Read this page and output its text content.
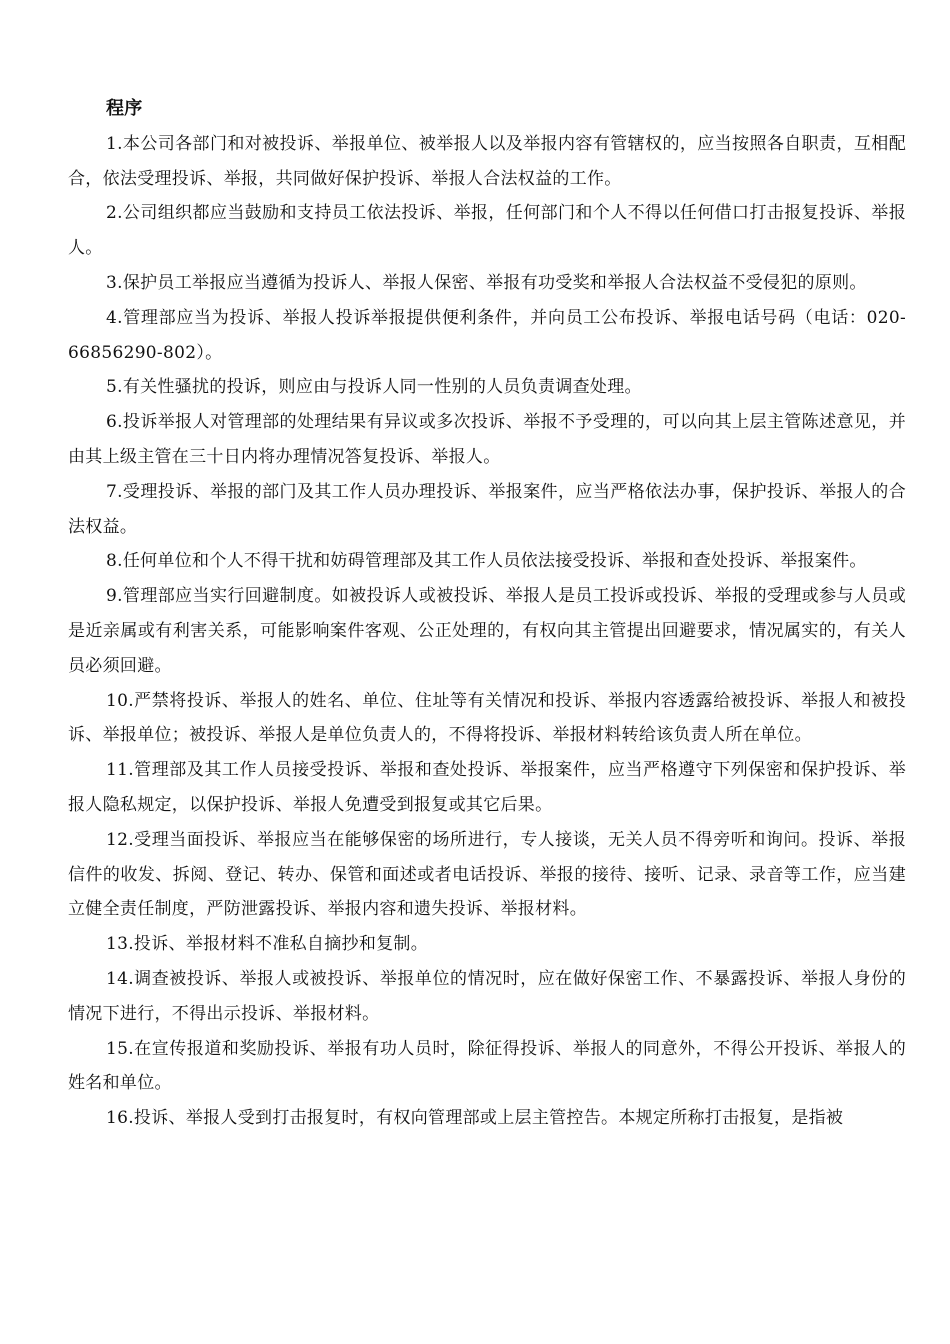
程序

1.本公司各部门和对被投诉、举报单位、被举报人以及举报内容有管辖权的，应当按照各自职责，互相配合，依法受理投诉、举报，共同做好保护投诉、举报人合法权益的工作。

2.公司组织都应当鼓励和支持员工依法投诉、举报，任何部门和个人不得以任何借口打击报复投诉、举报人。

3.保护员工举报应当遵循为投诉人、举报人保密、举报有功受奖和举报人合法权益不受侵犯的原则。

4.管理部应当为投诉、举报人投诉举报提供便利条件，并向员工公布投诉、举报电话号码（电话：020-66856290-802）。

5.有关性骚扰的投诉，则应由与投诉人同一性别的人员负责调查处理。

6.投诉举报人对管理部的处理结果有异议或多次投诉、举报不予受理的，可以向其上层主管陈述意见，并由其上级主管在三十日内将办理情况答复投诉、举报人。

7.受理投诉、举报的部门及其工作人员办理投诉、举报案件，应当严格依法办事，保护投诉、举报人的合法权益。

8.任何单位和个人不得干扰和妨碍管理部及其工作人员依法接受投诉、举报和查处投诉、举报案件。

9.管理部应当实行回避制度。如被投诉人或被投诉、举报人是员工投诉或投诉、举报的受理或参与人员或是近亲属或有利害关系，可能影响案件客观、公正处理的，有权向其主管提出回避要求，情况属实的，有关人员必须回避。

10.严禁将投诉、举报人的姓名、单位、住址等有关情况和投诉、举报内容透露给被投诉、举报人和被投诉、举报单位；被投诉、举报人是单位负责人的，不得将投诉、举报材料转给该负责人所在单位。

11.管理部及其工作人员接受投诉、举报和查处投诉、举报案件，应当严格遵守下列保密和保护投诉、举报人隐私规定，以保护投诉、举报人免遭受到报复或其它后果。

12.受理当面投诉、举报应当在能够保密的场所进行，专人接谈，无关人员不得旁听和询问。投诉、举报信件的收发、拆阅、登记、转办、保管和面述或者电话投诉、举报的接待、接听、记录、录音等工作，应当建立健全责任制度，严防泄露投诉、举报内容和遗失投诉、举报材料。

13.投诉、举报材料不准私自摘抄和复制。

14.调查被投诉、举报人或被投诉、举报单位的情况时，应在做好保密工作、不暴露投诉、举报人身份的情况下进行，不得出示投诉、举报材料。

15.在宣传报道和奖励投诉、举报有功人员时，除征得投诉、举报人的同意外，不得公开投诉、举报人的姓名和单位。

16.投诉、举报人受到打击报复时，有权向管理部或上层主管控告。本规定所称打击报复，是指被
